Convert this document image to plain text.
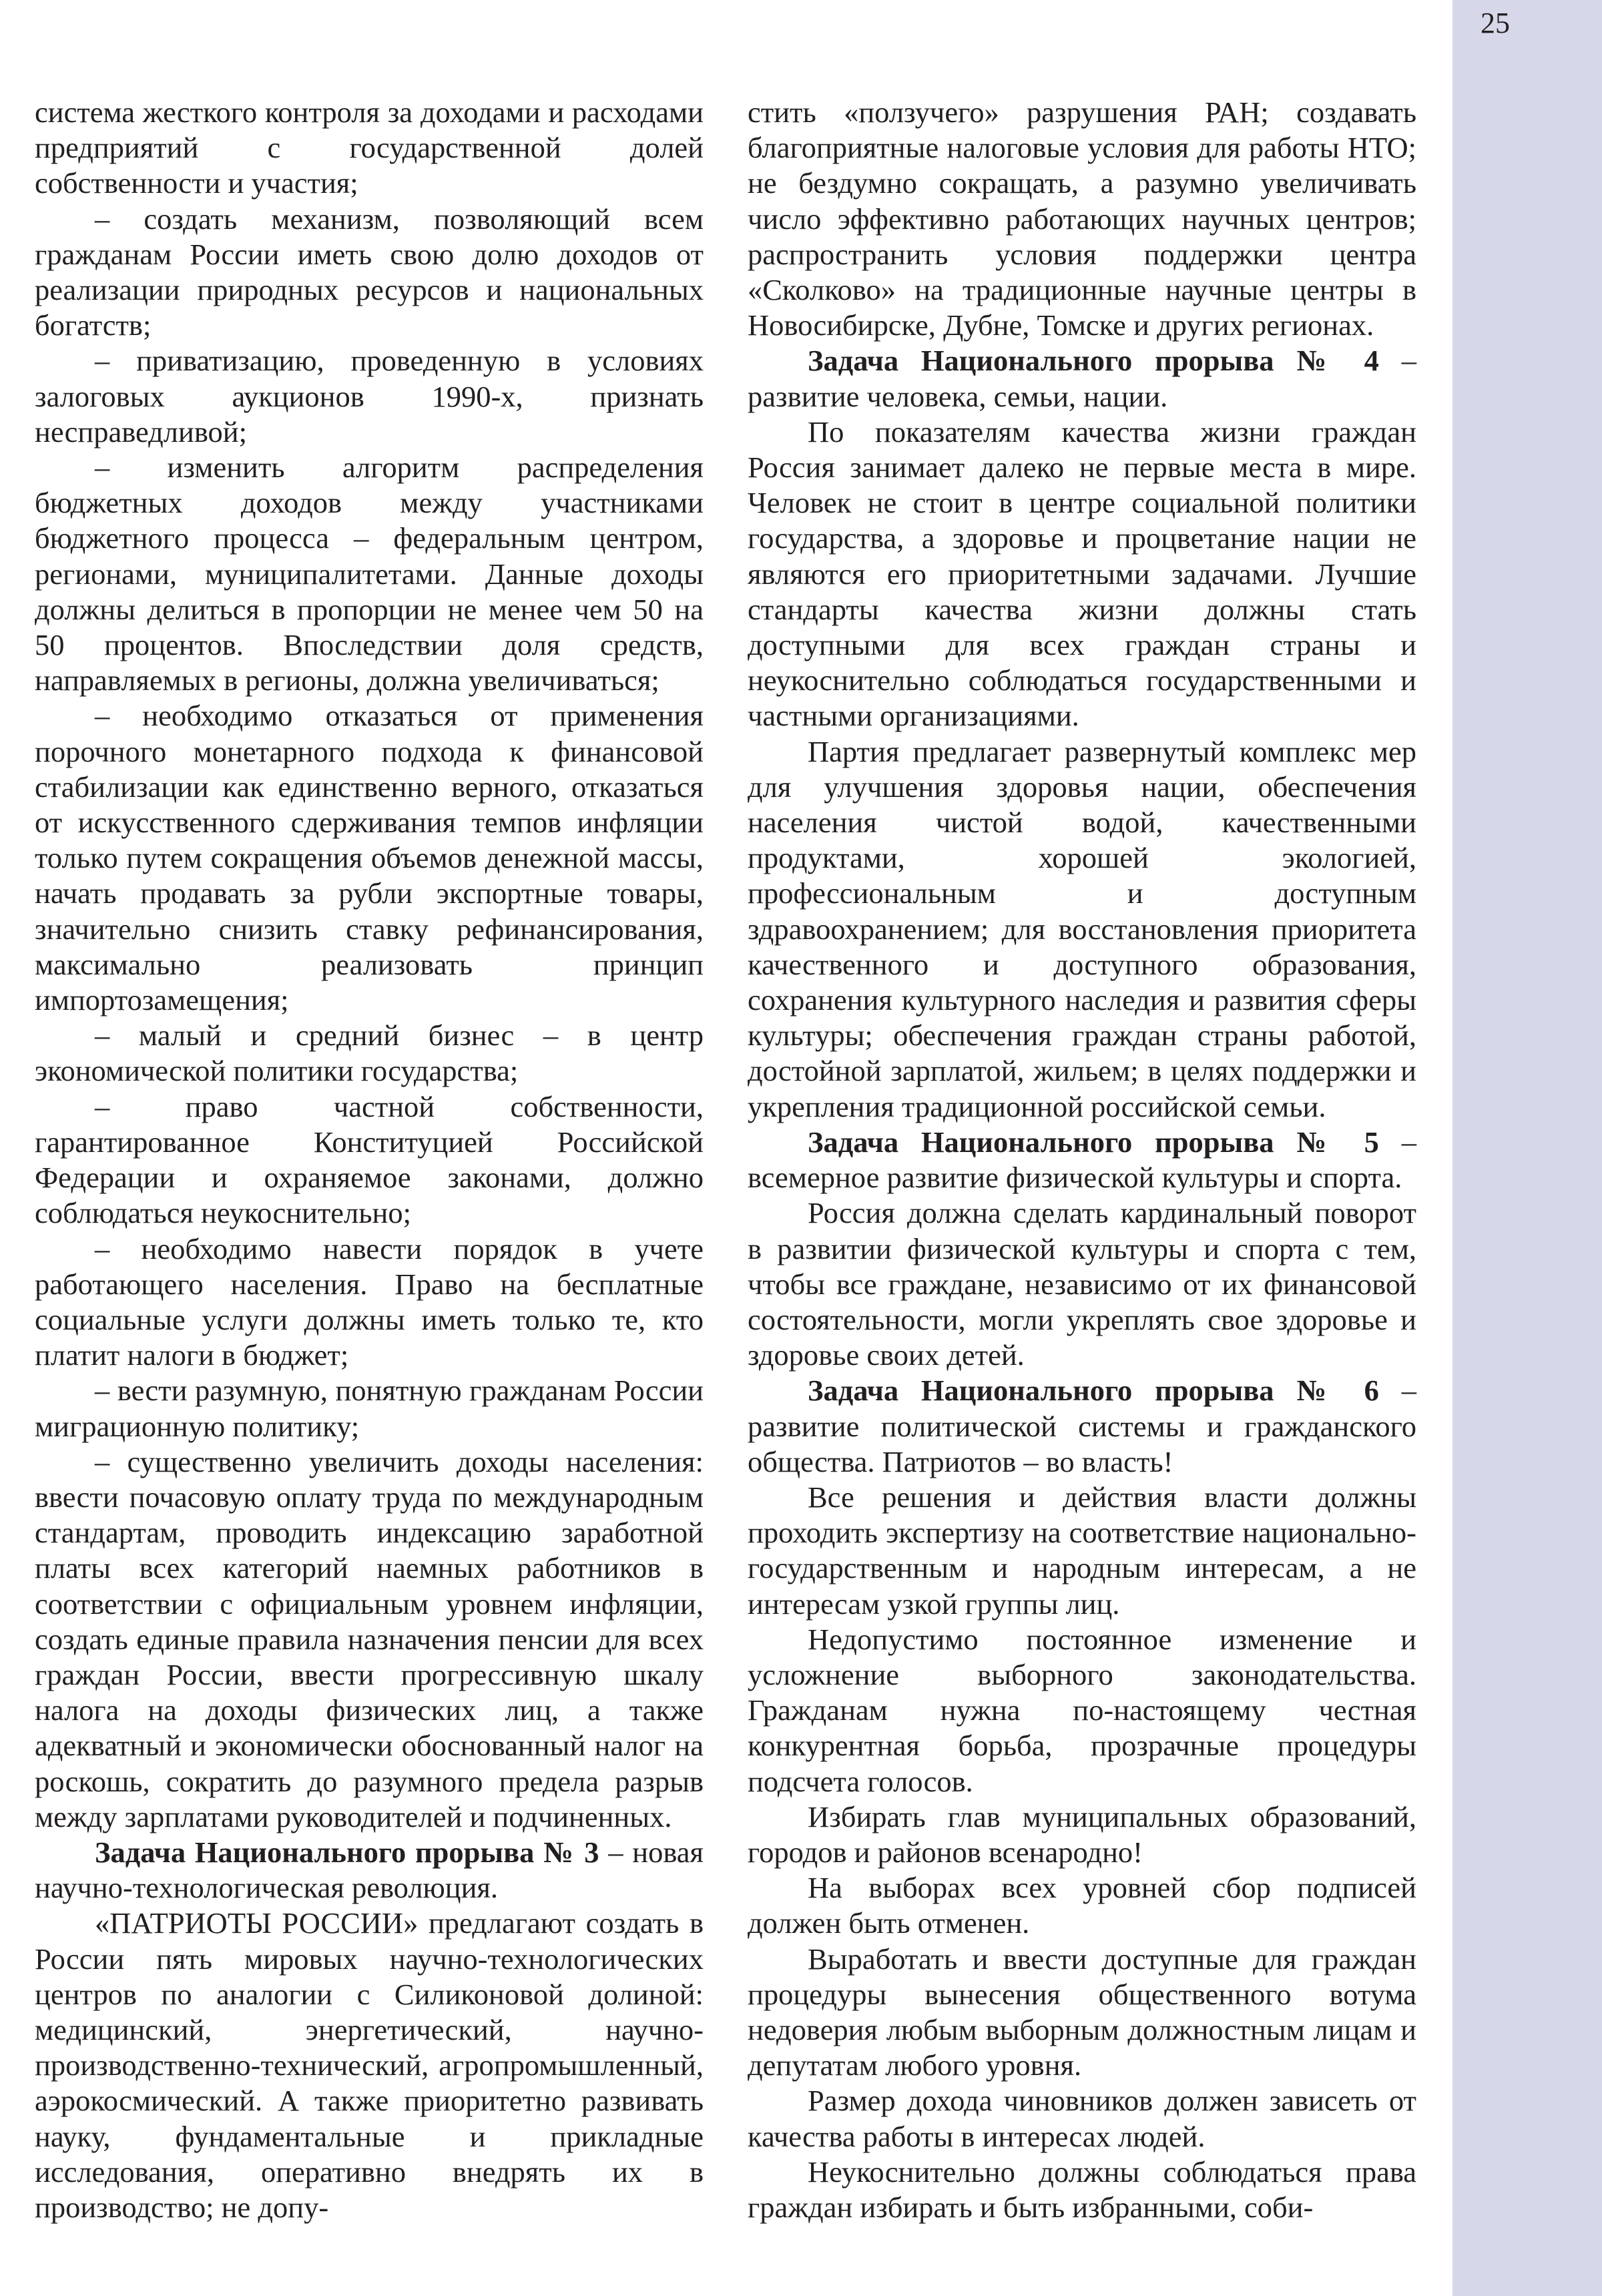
25

система жесткого контроля за доходами и расходами предприятий с государственной долей собственности и участия;

– создать механизм, позволяющий всем гражданам России иметь свою долю доходов от реализации природных ресурсов и национальных богатств;

– приватизацию, проведенную в условиях залоговых аукционов 1990-х, признать несправедливой;

– изменить алгоритм распределения бюджетных доходов между участниками бюджетного процесса – федеральным центром, регионами, муниципалитетами. Данные доходы должны делиться в пропорции не менее чем 50 на 50 процентов. Впоследствии доля средств, направляемых в регионы, должна увеличиваться;

– необходимо отказаться от применения порочного монетарного подхода к финансовой стабилизации как единственно верного, отказаться от искусственного сдерживания темпов инфляции только путем сокращения объемов денежной массы, начать продавать за рубли экспортные товары, значительно снизить ставку рефинансирования, максимально реализовать принцип импортозамещения;

– малый и средний бизнес – в центр экономической политики государства;

– право частной собственности, гарантированное Конституцией Российской Федерации и охраняемое законами, должно соблюдаться неукоснительно;

– необходимо навести порядок в учете работающего населения. Право на бесплатные социальные услуги должны иметь только те, кто платит налоги в бюджет;

– вести разумную, понятную гражданам России миграционную политику;

– существенно увеличить доходы населения: ввести почасовую оплату труда по международным стандартам, проводить индексацию заработной платы всех категорий наемных работников в соответствии с официальным уровнем инфляции, создать единые правила назначения пенсии для всех граждан России, ввести прогрессивную шкалу налога на доходы физических лиц, а также адекватный и экономически обоснованный налог на роскошь, сократить до разумного предела разрыв между зарплатами руководителей и подчиненных.

Задача Национального прорыва № 3 – новая научно-технологическая революция.

«ПАТРИОТЫ РОССИИ» предлагают создать в России пять мировых научно-технологических центров по аналогии с Силиконовой долиной: медицинский, энергетический, научно-производственно-технический, агропромышленный, аэрокосмический. А также приоритетно развивать науку, фундаментальные и прикладные исследования, оперативно внедрять их в производство; не допу-

стить «ползучего» разрушения РАН; создавать благоприятные налоговые условия для работы НТО; не бездумно сокращать, а разумно увеличивать число эффективно работающих научных центров; распространить условия поддержки центра «Сколково» на традиционные научные центры в Новосибирске, Дубне, Томске и других регионах.

Задача Национального прорыва № 4 – развитие человека, семьи, нации.

По показателям качества жизни граждан Россия занимает далеко не первые места в мире. Человек не стоит в центре социальной политики государства, а здоровье и процветание нации не являются его приоритетными задачами. Лучшие стандарты качества жизни должны стать доступными для всех граждан страны и неукоснительно соблюдаться государственными и частными организациями.

Партия предлагает развернутый комплекс мер для улучшения здоровья нации, обеспечения населения чистой водой, качественными продуктами, хорошей экологией, профессиональным и доступным здравоохранением; для восстановления приоритета качественного и доступного образования, сохранения культурного наследия и развития сферы культуры; обеспечения граждан страны работой, достойной зарплатой, жильем; в целях поддержки и укрепления традиционной российской семьи.

Задача Национального прорыва № 5 – всемерное развитие физической культуры и спорта.

Россия должна сделать кардинальный поворот в развитии физической культуры и спорта с тем, чтобы все граждане, независимо от их финансовой состоятельности, могли укреплять свое здоровье и здоровье своих детей.

Задача Национального прорыва № 6 – развитие политической системы и гражданского общества. Патриотов – во власть!

Все решения и действия власти должны проходить экспертизу на соответствие национально-государственным и народным интересам, а не интересам узкой группы лиц.

Недопустимо постоянное изменение и усложнение выборного законодательства. Гражданам нужна по-настоящему честная конкурентная борьба, прозрачные процедуры подсчета голосов.

Избирать глав муниципальных образований, городов и районов всенародно!

На выборах всех уровней сбор подписей должен быть отменен.

Выработать и ввести доступные для граждан процедуры вынесения общественного вотума недоверия любым выборным должностным лицам и депутатам любого уровня.

Размер дохода чиновников должен зависеть от качества работы в интересах людей.

Неукоснительно должны соблюдаться права граждан избирать и быть избранными, соби-
